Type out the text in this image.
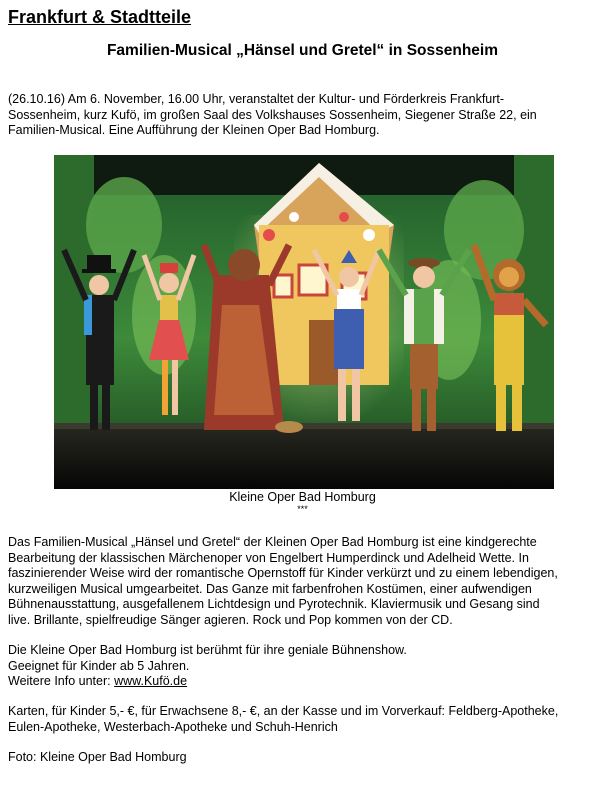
Frankfurt & Stadtteile
Familien-Musical „Hänsel und Gretel“ in Sossenheim

(26.10.16) Am 6. November, 16.00 Uhr, veranstaltet der Kultur- und Förderkreis Frankfurt-
Sossenheim, kurz Kufö, im großen Saal des Volkshauses Sossenheim, Siegener Straße 22, ein
Familien-Musical. Eine Aufführung der Kleinen Oper Bad Homburg.

Kleine Oper Bad Homburg

***

Das Familien-Musical „Hänsel und Gretel“ der Kleinen Oper Bad Homburg ist eine kindgerechte
Bearbeitung der klassischen Märchenoper von Engelbert Humperdinck und Adelheid Wette. In
faszinierender Weise wird der romantische Opernstoff für Kinder verkürzt und zu einem lebendigen,
kurzweiligen Musical umgearbeitet. Das Ganze mit farbenfrohen Kostümen, einer aufwendigen
Bühnenausstattung, ausgefallenem Lichtdesign und Pyrotechnik. Klaviermusik und Gesang sind
live. Brillante, spielfreudige Sänger agieren. Rock und Pop kommen von der CD.

Die Kleine Oper Bad Homburg ist berühmt für ihre geniale Bühnenshow.
Geeignet für Kinder ab 5 Jahren.
Weitere Info unter: www.Kufö.de

Karten, für Kinder 5,- €, für Erwachsene 8,- €, an der Kasse und im Vorverkauf: Feldberg-Apotheke,
Eulen-Apotheke, Westerbach-Apotheke und Schuh-Henrich

Foto: Kleine Oper Bad Homburg
